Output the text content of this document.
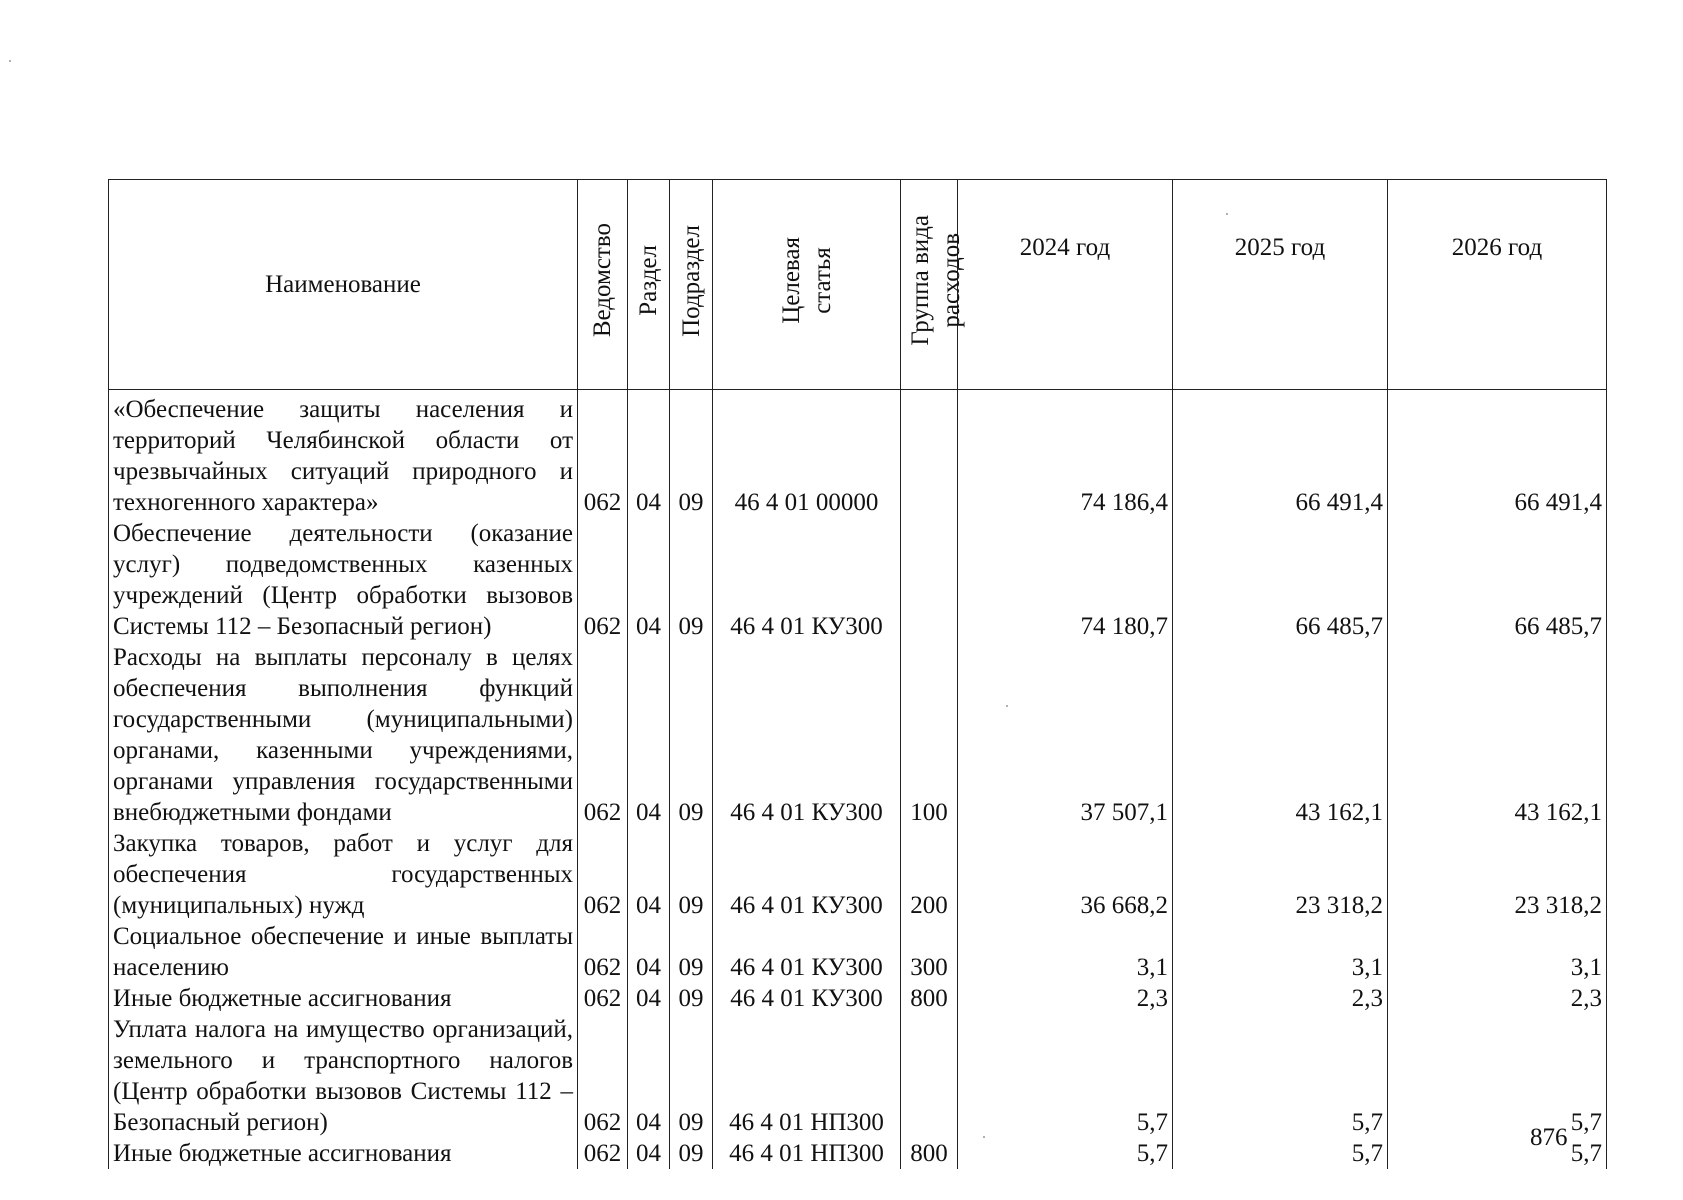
Наименование	Ведомство	Раздел	Подраздел	Целевая статья	Группа вида расходов	2024 год	2025 год	2026 год
«Обеспечение защиты населения и территорий Челябинской области от чрезвычайных ситуаций природного и техногенного характера»	062	04	09	46 4 01 00000		74 186,4	66 491,4	66 491,4
Обеспечение деятельности (оказание услуг) подведомственных казенных учреждений (Центр обработки вызовов Системы 112 – Безопасный регион)	062	04	09	46 4 01 КУ300		74 180,7	66 485,7	66 485,7
Расходы на выплаты персоналу в целях обеспечения выполнения функций государственными (муниципальными) органами, казенными учреждениями, органами управления государственными внебюджетными фондами	062	04	09	46 4 01 КУ300	100	37 507,1	43 162,1	43 162,1
Закупка товаров, работ и услуг для обеспечения государственных (муниципальных) нужд	062	04	09	46 4 01 КУ300	200	36 668,2	23 318,2	23 318,2
Социальное обеспечение и иные выплаты населению	062	04	09	46 4 01 КУ300	300	3,1	3,1	3,1
Иные бюджетные ассигнования	062	04	09	46 4 01 КУ300	800	2,3	2,3	2,3
Уплата налога на имущество организаций, земельного и транспортного налогов (Центр обработки вызовов Системы 112 – Безопасный регион)	062	04	09	46 4 01 НП300		5,7	5,7	5,7
Иные бюджетные ассигнования	062	04	09	46 4 01 НП300	800	5,7	5,7	5,7
876
